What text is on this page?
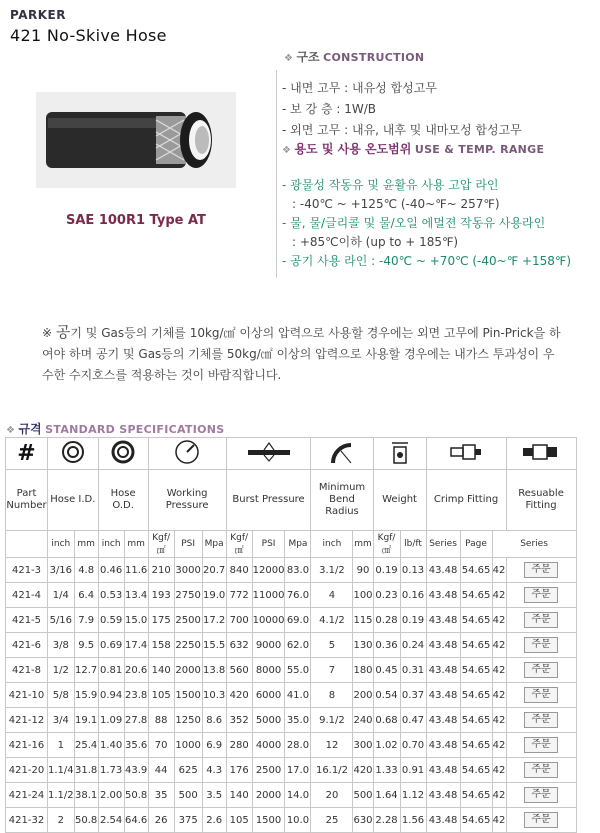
PARKER
421 No-Skive Hose
SAE 100R1 Type AT
❖ 구조 CONSTRUCTION
- 내면 고무 : 내유성 합성고무
- 보 강 층 : 1W/B
- 외면 고무 : 내유, 내후 및 내마모성 합성고무
❖ 용도 및 사용 온도범위 USE & TEMP. RANGE
- 광물성 작동유 및 윤활유 사용 고압 라인
: -40℃ ~ +125℃ (-40~℉~ 257℉)
- 물, 물/글리콜 및 물/오일 에멀젼 작동유 사용라인
: +85℃이하 (up to + 185℉)
- 공기 사용 라인 : -40℃ ~ +70℃ (-40~℉ +158℉)
※ 공기 및 Gas등의 기체를 10kg/㎠ 이상의 압력으로 사용할 경우에는 외면 고무에 Pin-Prick을 하여야 하며 공기 및 Gas등의 기체를 50kg/㎠ 이상의 압력으로 사용할 경우에는 내가스 투과성이 우수한 수지호스를 적용하는 것이 바람직합니다.
❖ 규격 STANDARD SPECIFICATIONS
#								
Part Number	Hose I.D.		Hose O.D.		Working Pressure			Burst Pressure			Minimum Bend Radius		Weight		Crimp Fitting			Resuable Fitting
	inch	mm	inch	mm	Kgf/㎠	PSI	Mpa	Kgf/㎠	PSI	Mpa	inch	mm	Kgf/㎠	lb/ft	Series	Page	Series	
421-3	3/16	4.8	0.46	11.6	210	3000	20.7	840	12000	83.0	3.1/2	90	0.19	0.13	43.48	54.65	42	주문
421-4	1/4	6.4	0.53	13.4	193	2750	19.0	772	11000	76.0	4	100	0.23	0.16	43.48	54.65	42	주문
421-5	5/16	7.9	0.59	15.0	175	2500	17.2	700	10000	69.0	4.1/2	115	0.28	0.19	43.48	54.65	42	주문
421-6	3/8	9.5	0.69	17.4	158	2250	15.5	632	9000	62.0	5	130	0.36	0.24	43.48	54.65	42	주문
421-8	1/2	12.7	0.81	20.6	140	2000	13.8	560	8000	55.0	7	180	0.45	0.31	43.48	54.65	42	주문
421-10	5/8	15.9	0.94	23.8	105	1500	10.3	420	6000	41.0	8	200	0.54	0.37	43.48	54.65	42	주문
421-12	3/4	19.1	1.09	27.8	88	1250	8.6	352	5000	35.0	9.1/2	240	0.68	0.47	43.48	54.65	42	주문
421-16	1	25.4	1.40	35.6	70	1000	6.9	280	4000	28.0	12	300	1.02	0.70	43.48	54.65	42	주문
421-20	1.1/4	31.8	1.73	43.9	44	625	4.3	176	2500	17.0	16.1/2	420	1.33	0.91	43.48	54.65	42	주문
421-24	1.1/2	38.1	2.00	50.8	35	500	3.5	140	2000	14.0	20	500	1.64	1.12	43.48	54.65	42	주문
421-32	2	50.8	2.54	64.6	26	375	2.6	105	1500	10.0	25	630	2.28	1.56	43.48	54.65	42	주문
